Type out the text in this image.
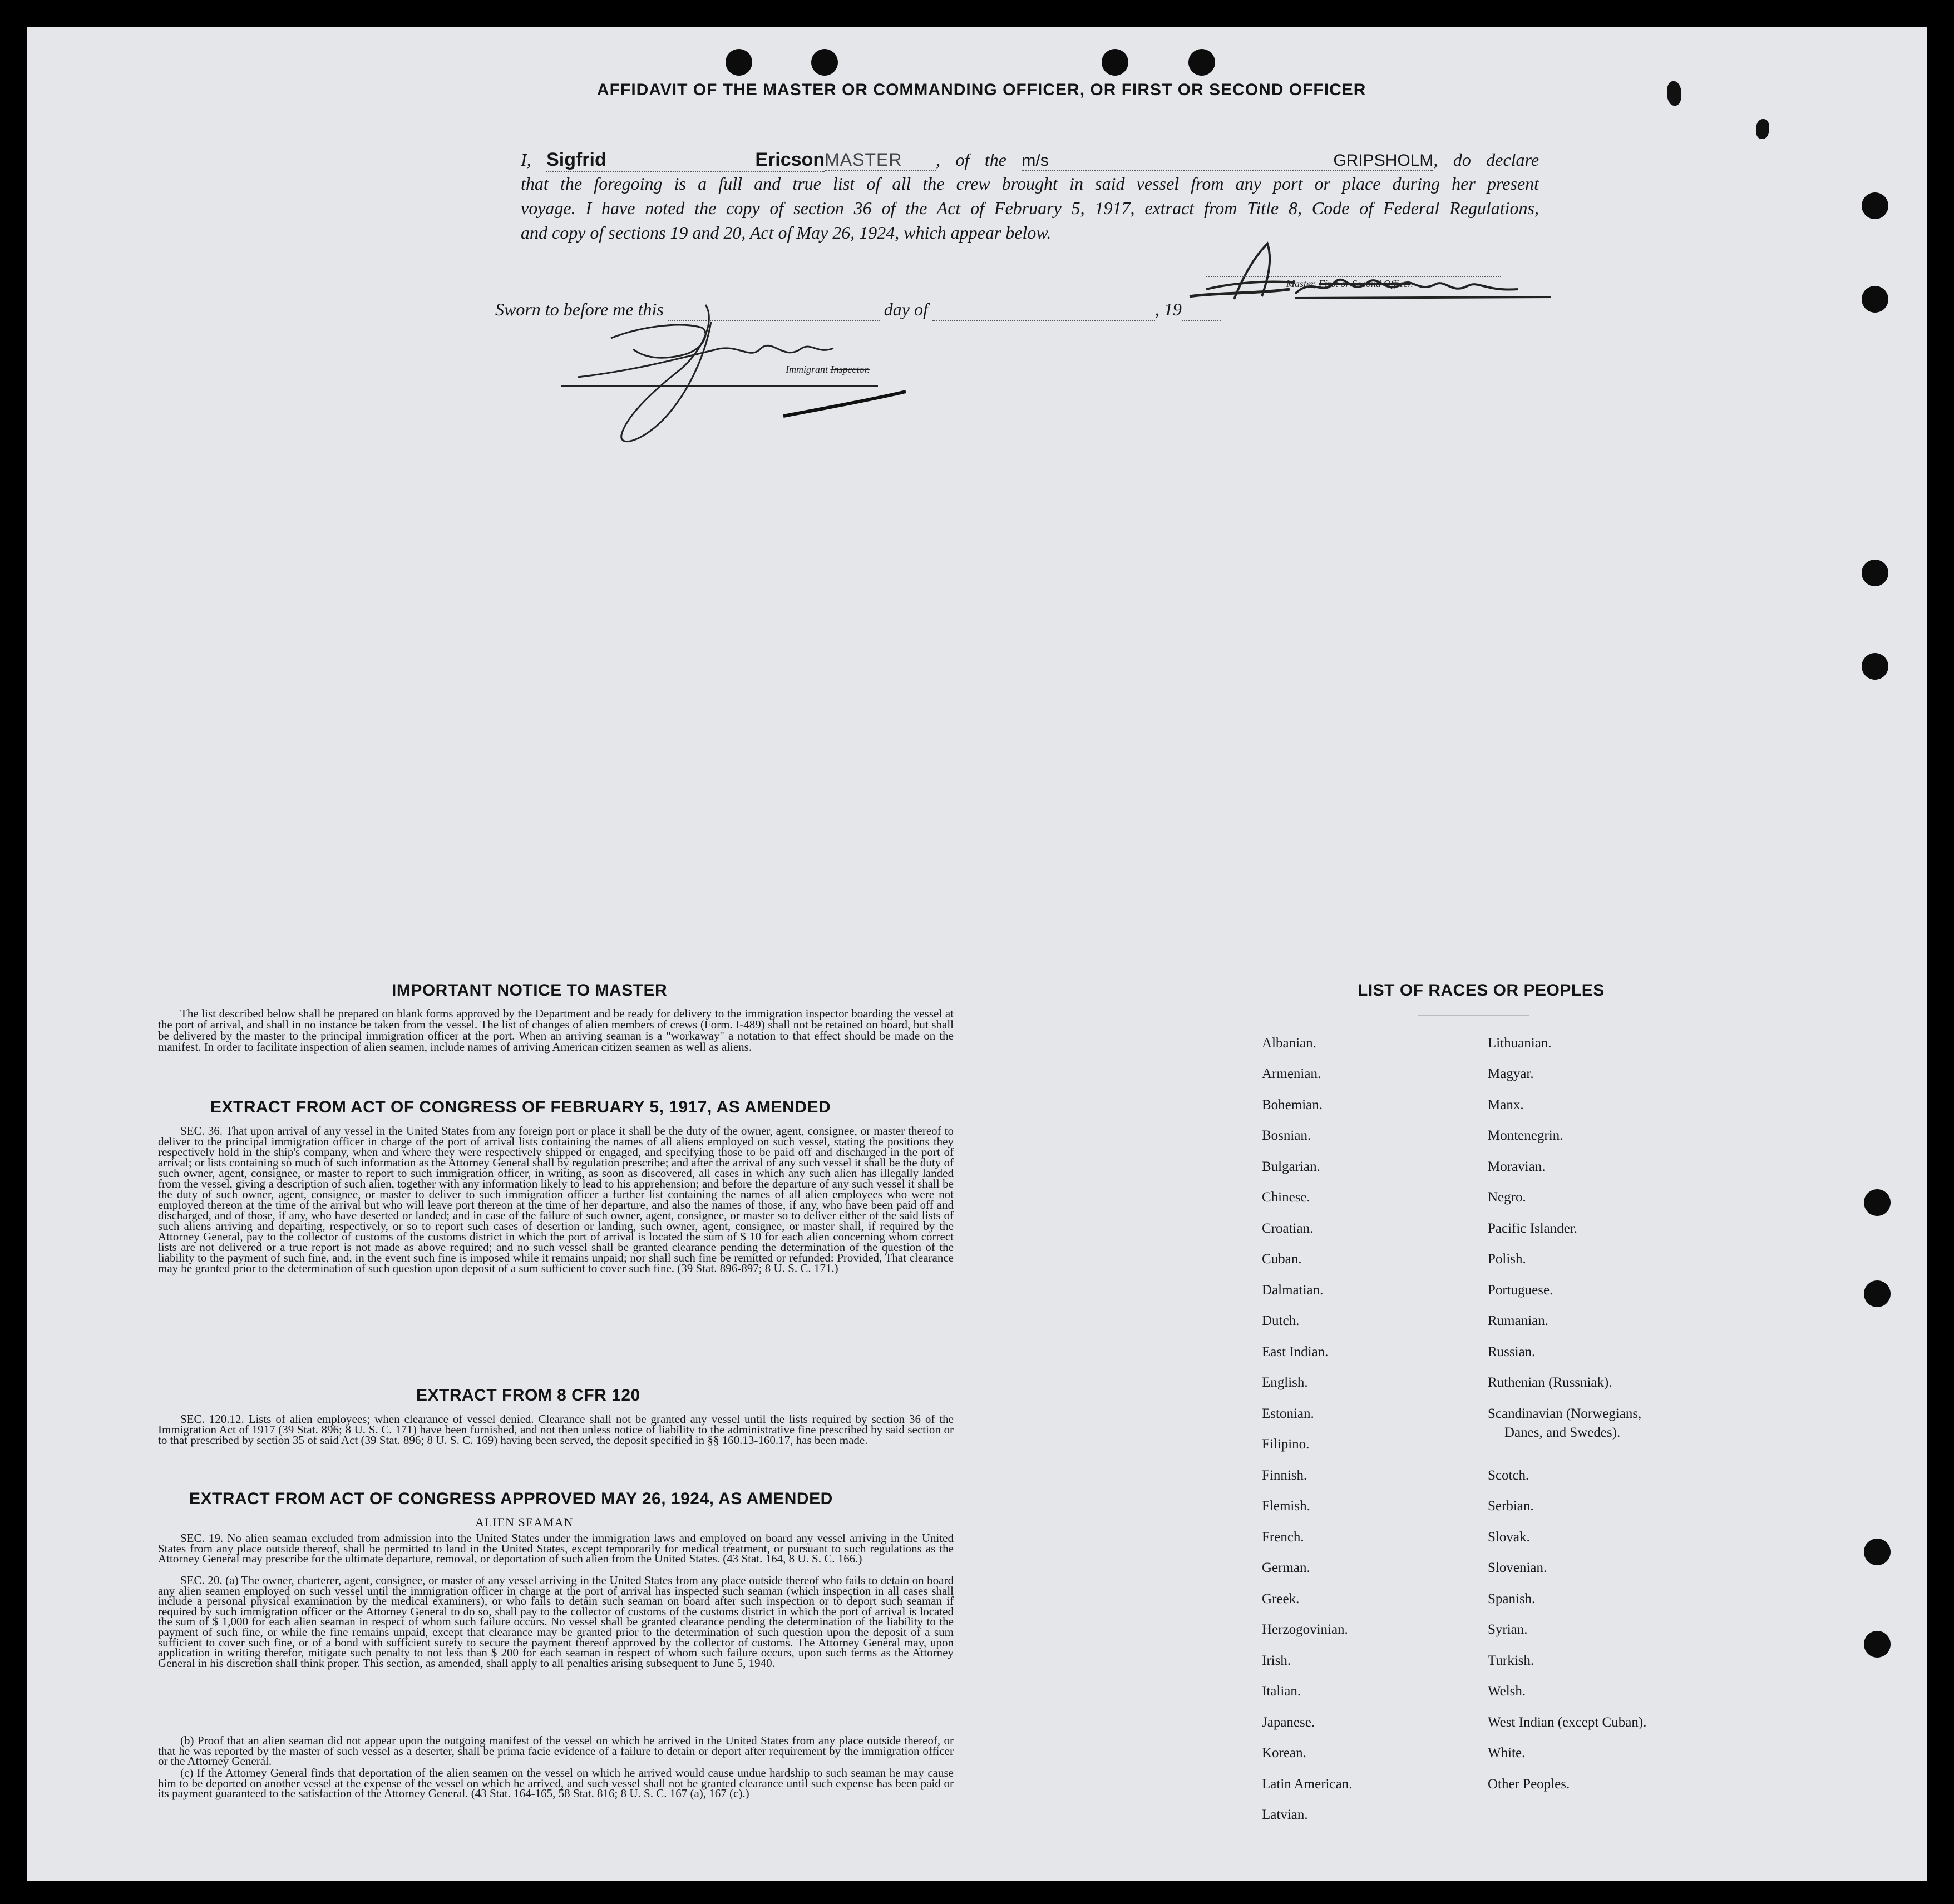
AFFIDAVIT OF THE MASTER OR COMMANDING OFFICER, OR FIRST OR SECOND OFFICER
I, Sigfrid EricsonMASTER , of the m/s GRIPSHOLM, do declare
that the foregoing is a full and true list of all the crew brought in said vessel from any port or place during her present
voyage. I have noted the copy of section 36 of the Act of February 5, 1917, extract from Title 8, Code of Federal Regulations,
and copy of sections 19 and 20, Act of May 26, 1924, which appear below.
Master, First or Second Officer.
Sworn to before me this	day of	, 19
Immigrant Inspector.
IMPORTANT NOTICE TO MASTER
The list described below shall be prepared on blank forms approved by the Department and be ready for delivery to the immigration inspector boarding the vessel at the port of arrival, and shall in no instance be taken from the vessel. The list of changes of alien members of crews (Form. I-489) shall not be retained on board, but shall be delivered by the master to the principal immigration officer at the port. When an arriving seaman is a "workaway" a notation to that effect should be made on the manifest. In order to facilitate inspection of alien seamen, include names of arriving American citizen seamen as well as aliens.
EXTRACT FROM ACT OF CONGRESS OF FEBRUARY 5, 1917, AS AMENDED
SEC. 36. That upon arrival of any vessel in the United States from any foreign port or place it shall be the duty of the owner, agent, consignee, or master thereof to deliver to the principal immigration officer in charge of the port of arrival lists containing the names of all aliens employed on such vessel, stating the positions they respectively hold in the ship's company, when and where they were respectively shipped or engaged, and specifying those to be paid off and discharged in the port of arrival; or lists containing so much of such information as the Attorney General shall by regulation prescribe; and after the arrival of any such vessel it shall be the duty of such owner, agent, consignee, or master to report to such immigration officer, in writing, as soon as discovered, all cases in which any such alien has illegally landed from the vessel, giving a description of such alien, together with any information likely to lead to his apprehension; and before the departure of any such vessel it shall be the duty of such owner, agent, consignee, or master to deliver to such immigration officer a further list containing the names of all alien employees who were not employed thereon at the time of the arrival but who will leave port thereon at the time of her departure, and also the names of those, if any, who have been paid off and discharged, and of those, if any, who have deserted or landed; and in case of the failure of such owner, agent, consignee, or master so to deliver either of the said lists of such aliens arriving and departing, respectively, or so to report such cases of desertion or landing, such owner, agent, consignee, or master shall, if required by the Attorney General, pay to the collector of customs of the customs district in which the port of arrival is located the sum of $ 10 for each alien concerning whom correct lists are not delivered or a true report is not made as above required; and no such vessel shall be granted clearance pending the determination of the question of the liability to the payment of such fine, and, in the event such fine is imposed while it remains unpaid; nor shall such fine be remitted or refunded: Provided, That clearance may be granted prior to the determination of such question upon deposit of a sum sufficient to cover such fine. (39 Stat. 896-897; 8 U. S. C. 171.)
EXTRACT FROM 8 CFR 120
SEC. 120.12. Lists of alien employees; when clearance of vessel denied. Clearance shall not be granted any vessel until the lists required by section 36 of the Immigration Act of 1917 (39 Stat. 896; 8 U. S. C. 171) have been furnished, and not then unless notice of liability to the administrative fine prescribed by said section or to that prescribed by section 35 of said Act (39 Stat. 896; 8 U. S. C. 169) having been served, the deposit specified in §§ 160.13-160.17, has been made.
EXTRACT FROM ACT OF CONGRESS APPROVED MAY 26, 1924, AS AMENDED
ALIEN SEAMAN
SEC. 19. No alien seaman excluded from admission into the United States under the immigration laws and employed on board any vessel arriving in the United States from any place outside thereof, shall be permitted to land in the United States, except temporarily for medical treatment, or pursuant to such regulations as the Attorney General may prescribe for the ultimate departure, removal, or deportation of such alien from the United States. (43 Stat. 164, 8 U. S. C. 166.)
SEC. 20. (a) The owner, charterer, agent, consignee, or master of any vessel arriving in the United States from any place outside thereof who fails to detain on board any alien seamen employed on such vessel until the immigration officer in charge at the port of arrival has inspected such seaman (which inspection in all cases shall include a personal physical examination by the medical examiners), or who fails to detain such seaman on board after such inspection or to deport such seaman if required by such immigration officer or the Attorney General to do so, shall pay to the collector of customs of the customs district in which the port of arrival is located the sum of $ 1,000 for each alien seaman in respect of whom such failure occurs. No vessel shall be granted clearance pending the determination of the liability to the payment of such fine, or while the fine remains unpaid, except that clearance may be granted prior to the determination of such question upon the deposit of a sum sufficient to cover such fine, or of a bond with sufficient surety to secure the payment thereof approved by the collector of customs. The Attorney General may, upon application in writing therefor, mitigate such penalty to not less than $ 200 for each seaman in respect of whom such failure occurs, upon such terms as the Attorney General in his discretion shall think proper. This section, as amended, shall apply to all penalties arising subsequent to June 5, 1940.
(b) Proof that an alien seaman did not appear upon the outgoing manifest of the vessel on which he arrived in the United States from any place outside thereof, or that he was reported by the master of such vessel as a deserter, shall be prima facie evidence of a failure to detain or deport after requirement by the immigration officer or the Attorney General.
(c) If the Attorney General finds that deportation of the alien seamen on the vessel on which he arrived would cause undue hardship to such seaman he may cause him to be deported on another vessel at the expense of the vessel on which he arrived, and such vessel shall not be granted clearance until such expense has been paid or its payment guaranteed to the satisfaction of the Attorney General. (43 Stat. 164-165, 58 Stat. 816; 8 U. S. C. 167 (a), 167 (c).)
LIST OF RACES OR PEOPLES
Albanian.
Armenian.
Bohemian.
Bosnian.
Bulgarian.
Chinese.
Croatian.
Cuban.
Dalmatian.
Dutch.
East Indian.
English.
Estonian.
Filipino.
Finnish.
Flemish.
French.
German.
Greek.
Herzogovinian.
Irish.
Italian.
Japanese.
Korean.
Latin American.
Latvian.
Lithuanian.
Magyar.
Manx.
Montenegrin.
Moravian.
Negro.
Pacific Islander.
Polish.
Portuguese.
Rumanian.
Russian.
Ruthenian (Russniak).
Scandinavian (Norwegians,
Danes, and Swedes).
Scotch.
Serbian.
Slovak.
Slovenian.
Spanish.
Syrian.
Turkish.
Welsh.
West Indian (except Cuban).
White.
Other Peoples.
